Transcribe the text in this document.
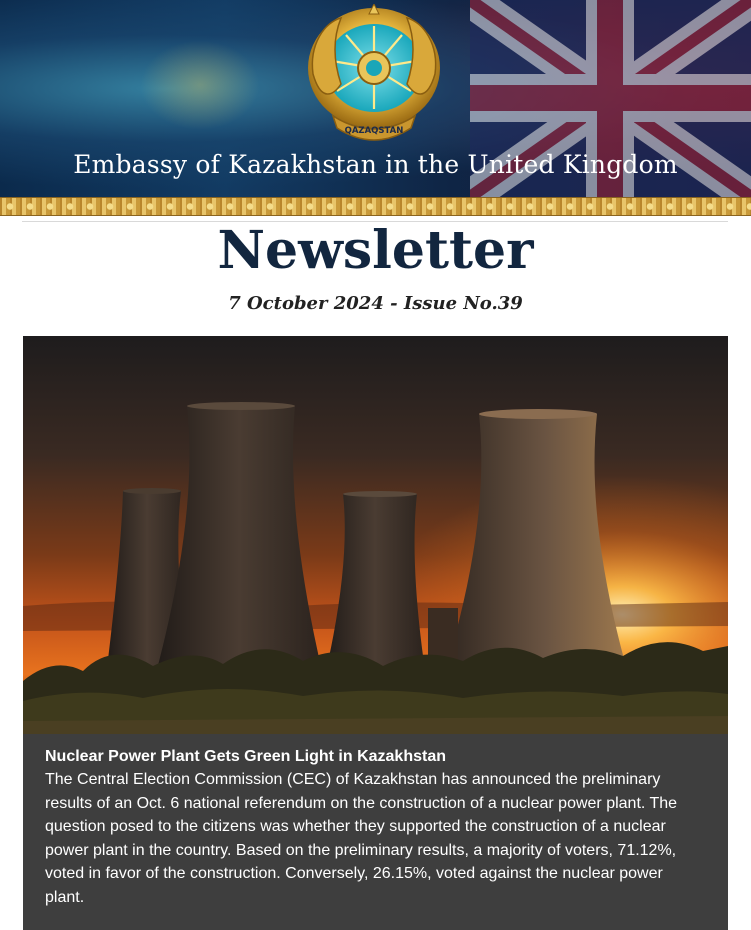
QAZAQSTAN
Embassy of Kazakhstan in the United Kingdom
Newsletter
7 October 2024 - Issue No.39
Nuclear Power Plant Gets Green Light in Kazakhstan
The Central Election Commission (CEC) of Kazakhstan has announced the preliminary results of an Oct. 6 national referendum on the construction of a nuclear power plant. The question posed to the citizens was whether they supported the construction of a nuclear power plant in the country. Based on the preliminary results, a majority of voters, 71.12%, voted in favor of the construction. Conversely, 26.15%, voted against the nuclear power plant.
